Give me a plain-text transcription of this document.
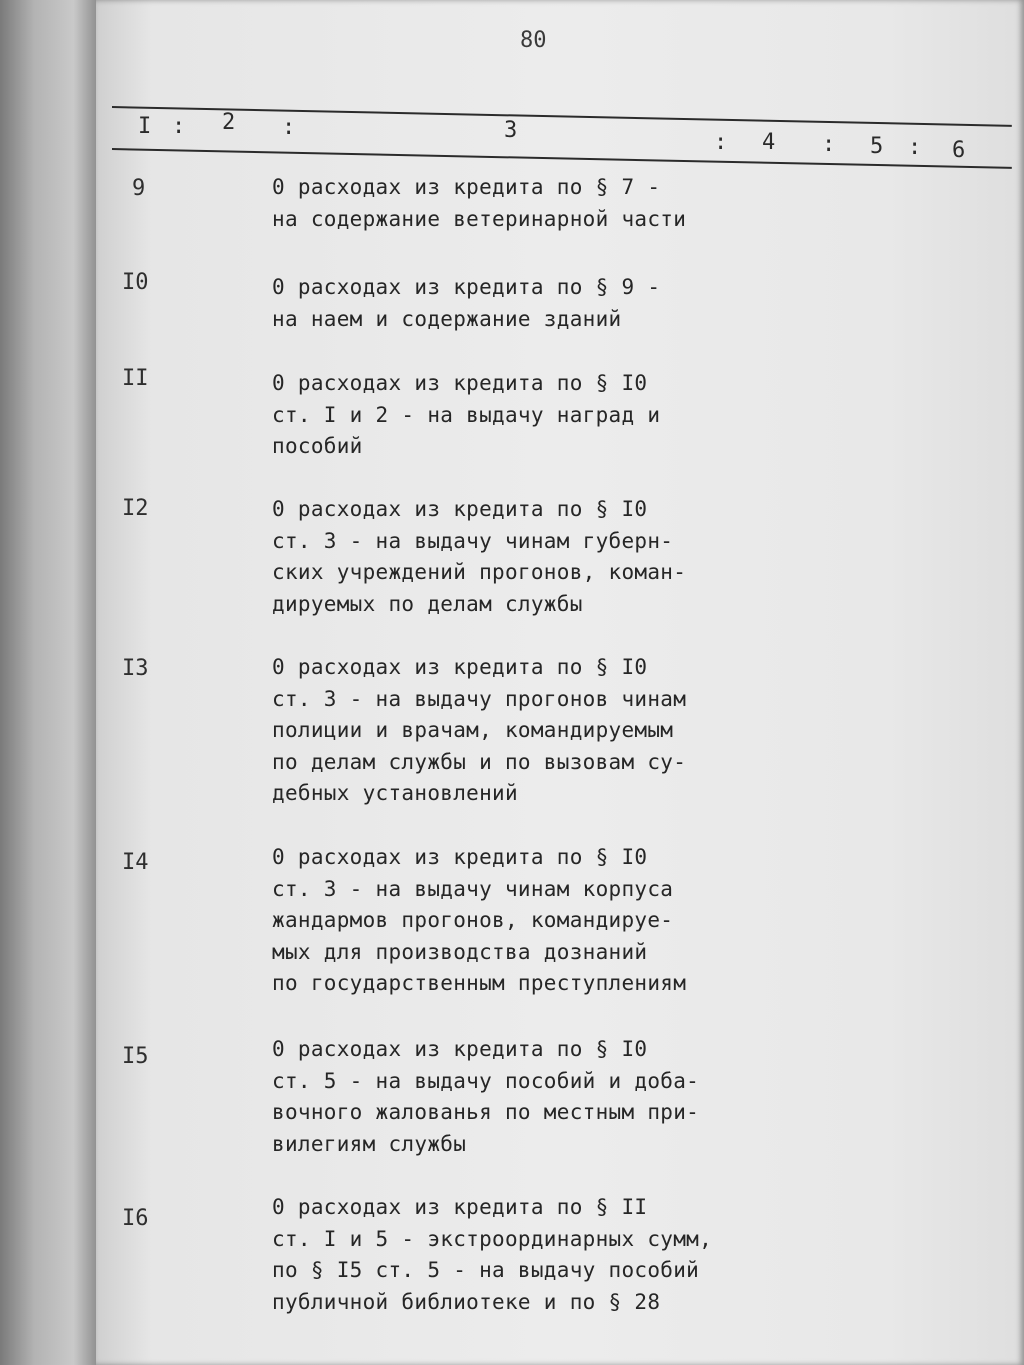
80
I : 2 :	3	: 4 : 5 : 6
9	0 расходах из кредита по § 7 -
на содержание ветеринарной части
I0	0 расходах из кредита по § 9 -
на наем и содержание зданий
II	0 расходах из кредита по § I0
ст. I и 2 - на выдачу наград и
пособий
I2	0 расходах из кредита по § I0
ст. 3 - на выдачу чинам губерн-
ских учреждений прогонов, коман-
дируемых по делам службы
I3	0 расходах из кредита по § I0
ст. 3 - на выдачу прогонов чинам
полиции и врачам, командируемым
по делам службы и по вызовам су-
дебных установлений
I4	0 расходах из кредита по § I0
ст. 3 - на выдачу чинам корпуса
жандармов прогонов, командируе-
мых для производства дознаний
по государственным преступлениям
I5	0 расходах из кредита по § I0
ст. 5 - на выдачу пособий и доба-
вочного жалованья по местным при-
вилегиям службы
I6	0 расходах из кредита по § II
ст. I и 5 - экстроординарных сумм,
по § I5 ст. 5 - на выдачу пособий
публичной библиотеке и по § 28
